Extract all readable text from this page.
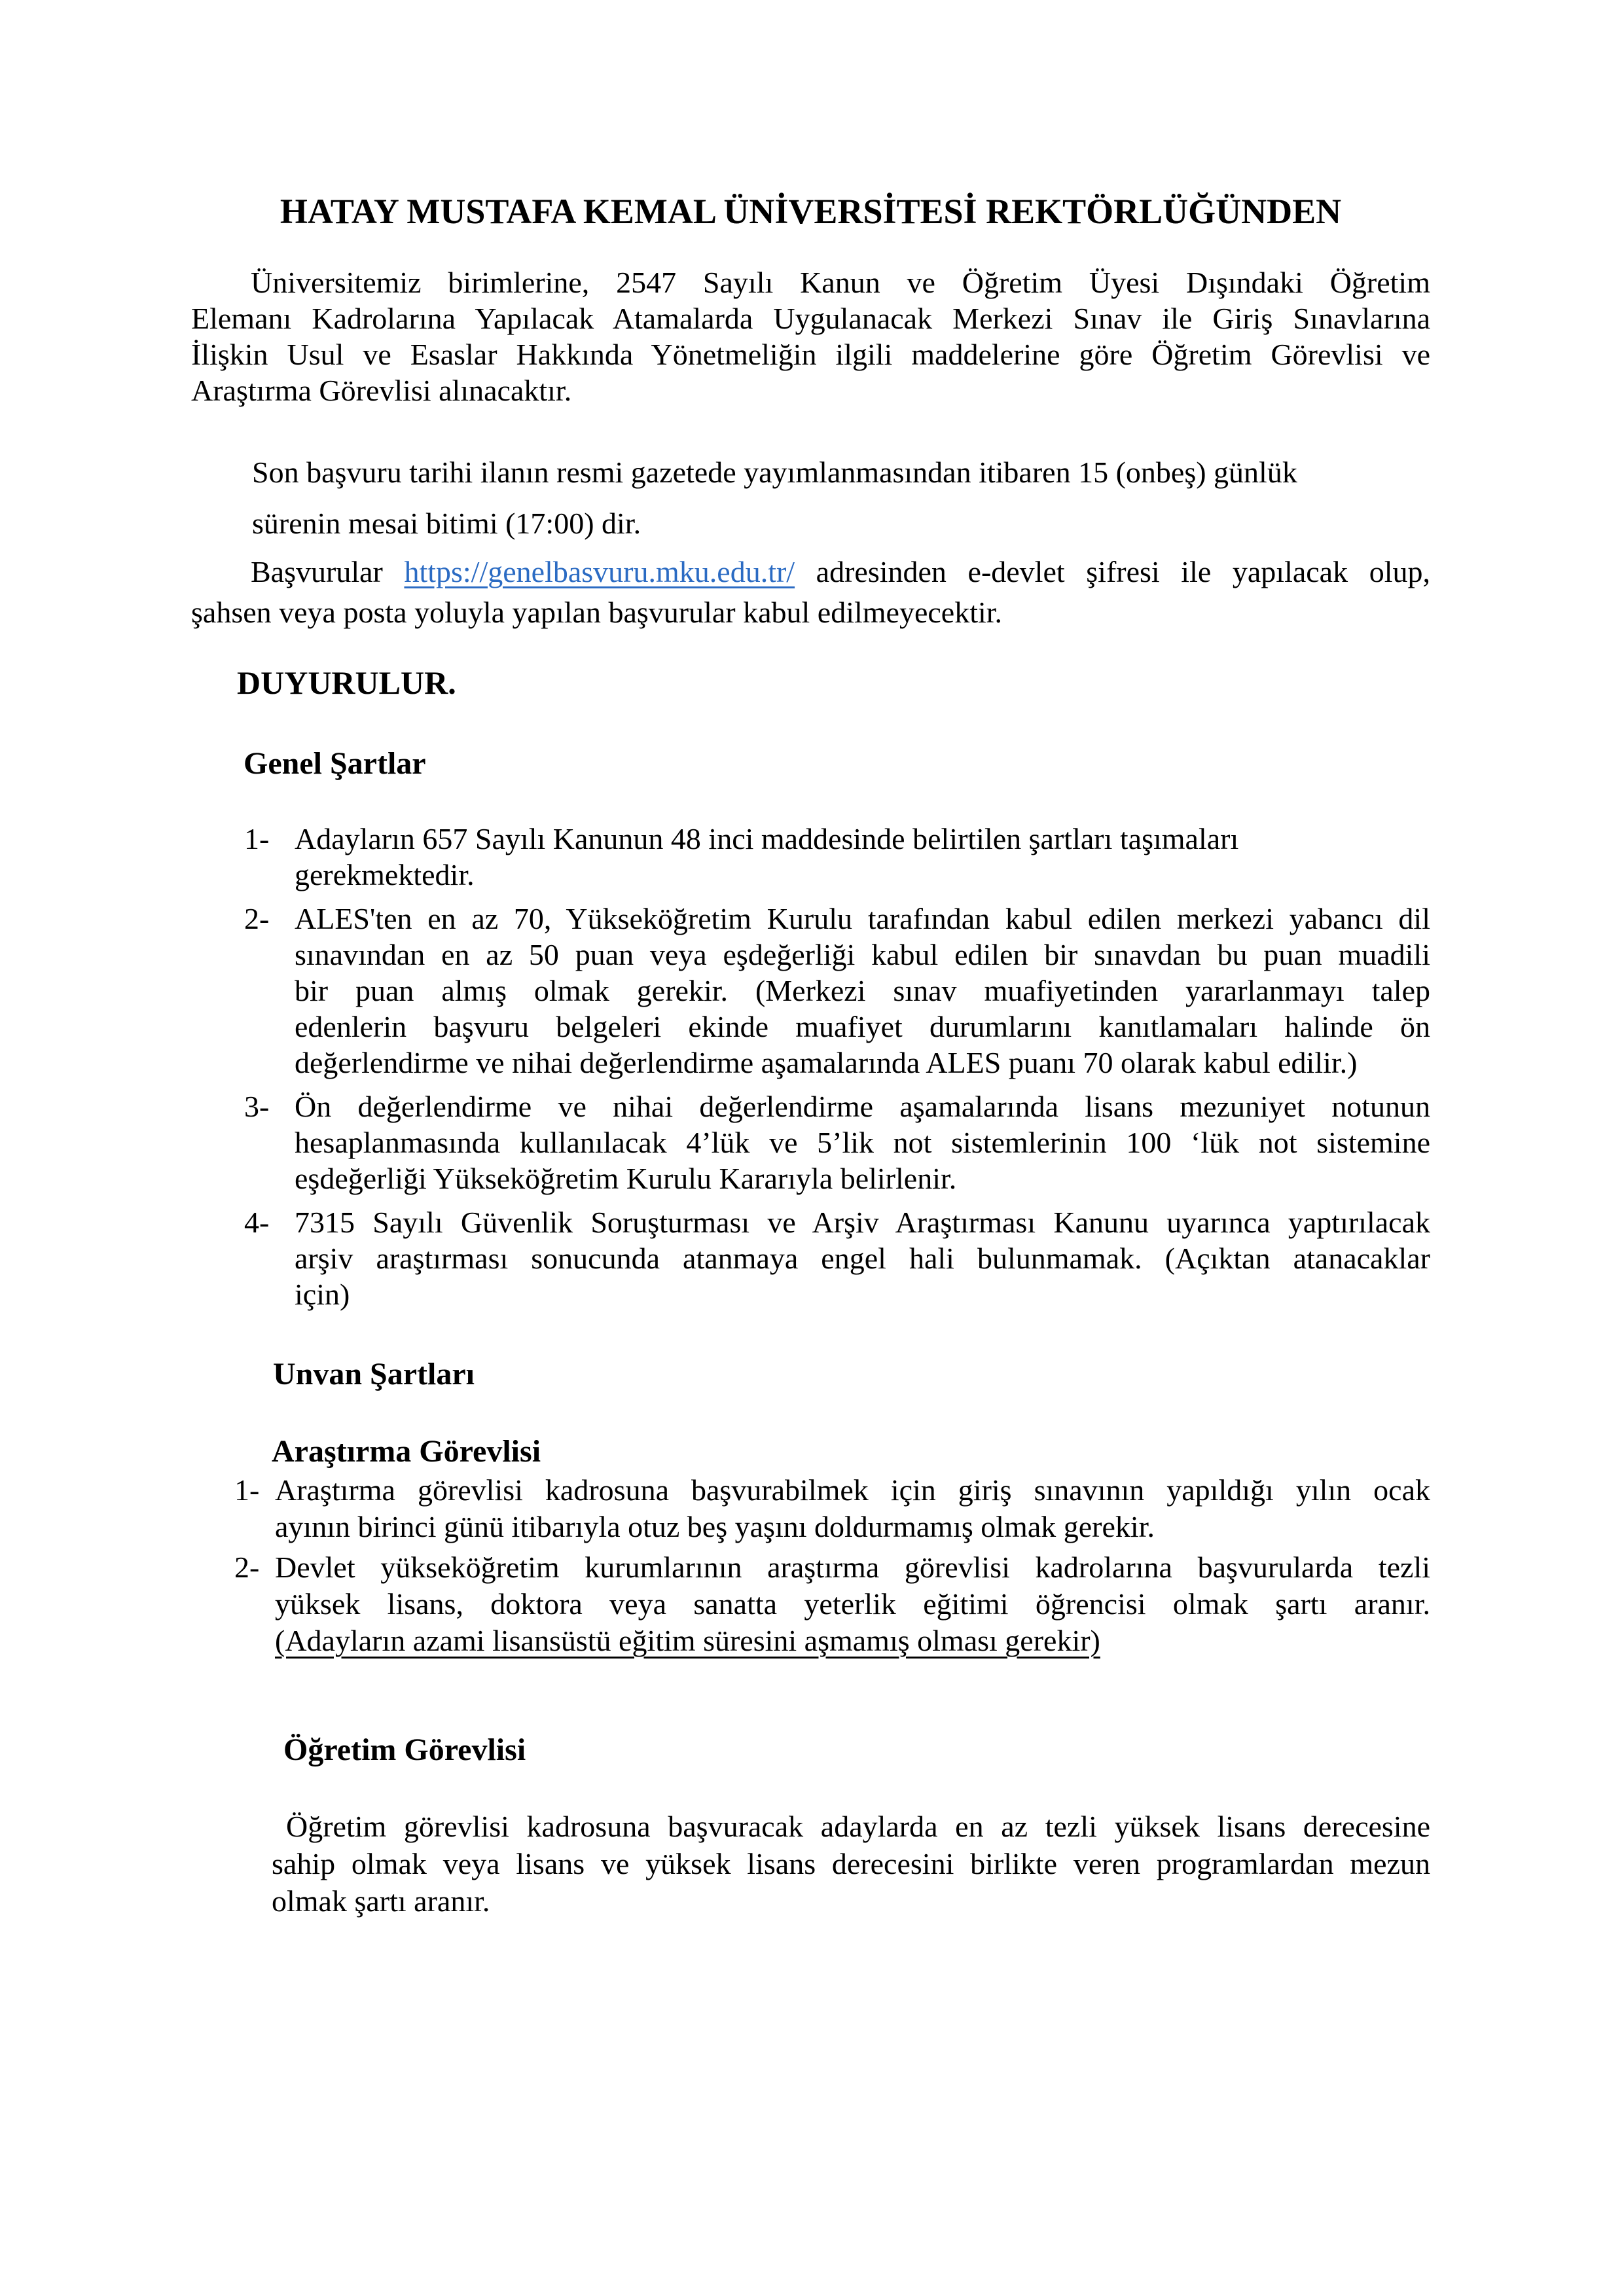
HATAY MUSTAFA KEMAL ÜNİVERSİTESİ REKTÖRLÜĞÜNDEN
Üniversitemiz birimlerine, 2547 Sayılı Kanun ve Öğretim Üyesi Dışındaki Öğretim
Elemanı Kadrolarına Yapılacak Atamalarda Uygulanacak Merkezi Sınav ile Giriş Sınavlarına
İlişkin Usul ve Esaslar Hakkında Yönetmeliğin ilgili maddelerine göre Öğretim Görevlisi ve
Araştırma Görevlisi alınacaktır.
Son başvuru tarihi ilanın resmi gazetede yayımlanmasından itibaren 15 (onbeş) günlük
sürenin mesai bitimi (17:00) dir.
Başvurular https://genelbasvuru.mku.edu.tr/ adresinden e-devlet şifresi ile yapılacak olup,
şahsen veya posta yoluyla yapılan başvurular kabul edilmeyecektir.
DUYURULUR.
Genel Şartlar
1- Adayların 657 Sayılı Kanunun 48 inci maddesinde belirtilen şartları taşımaları
gerekmektedir.
2- ALES'ten en az 70, Yükseköğretim Kurulu tarafından kabul edilen merkezi yabancı dil
sınavından en az 50 puan veya eşdeğerliği kabul edilen bir sınavdan bu puan muadili
bir puan almış olmak gerekir. (Merkezi sınav muafiyetinden yararlanmayı talep
edenlerin başvuru belgeleri ekinde muafiyet durumlarını kanıtlamaları halinde ön
değerlendirme ve nihai değerlendirme aşamalarında ALES puanı 70 olarak kabul edilir.)
3- Ön değerlendirme ve nihai değerlendirme aşamalarında lisans mezuniyet notunun
hesaplanmasında kullanılacak 4’lük ve 5’lik not sistemlerinin 100 ‘lük not sistemine
eşdeğerliği Yükseköğretim Kurulu Kararıyla belirlenir.
4- 7315 Sayılı Güvenlik Soruşturması ve Arşiv Araştırması Kanunu uyarınca yaptırılacak
arşiv araştırması sonucunda atanmaya engel hali bulunmamak. (Açıktan atanacaklar
için)
Unvan Şartları
Araştırma Görevlisi
1- Araştırma görevlisi kadrosuna başvurabilmek için giriş sınavının yapıldığı yılın ocak
ayının birinci günü itibarıyla otuz beş yaşını doldurmamış olmak gerekir.
2- Devlet yükseköğretim kurumlarının araştırma görevlisi kadrolarına başvurularda tezli
yüksek lisans, doktora veya sanatta yeterlik eğitimi öğrencisi olmak şartı aranır.
(Adayların azami lisansüstü eğitim süresini aşmamış olması gerekir)
Öğretim Görevlisi
Öğretim görevlisi kadrosuna başvuracak adaylarda en az tezli yüksek lisans derecesine
sahip olmak veya lisans ve yüksek lisans derecesini birlikte veren programlardan mezun
olmak şartı aranır.
